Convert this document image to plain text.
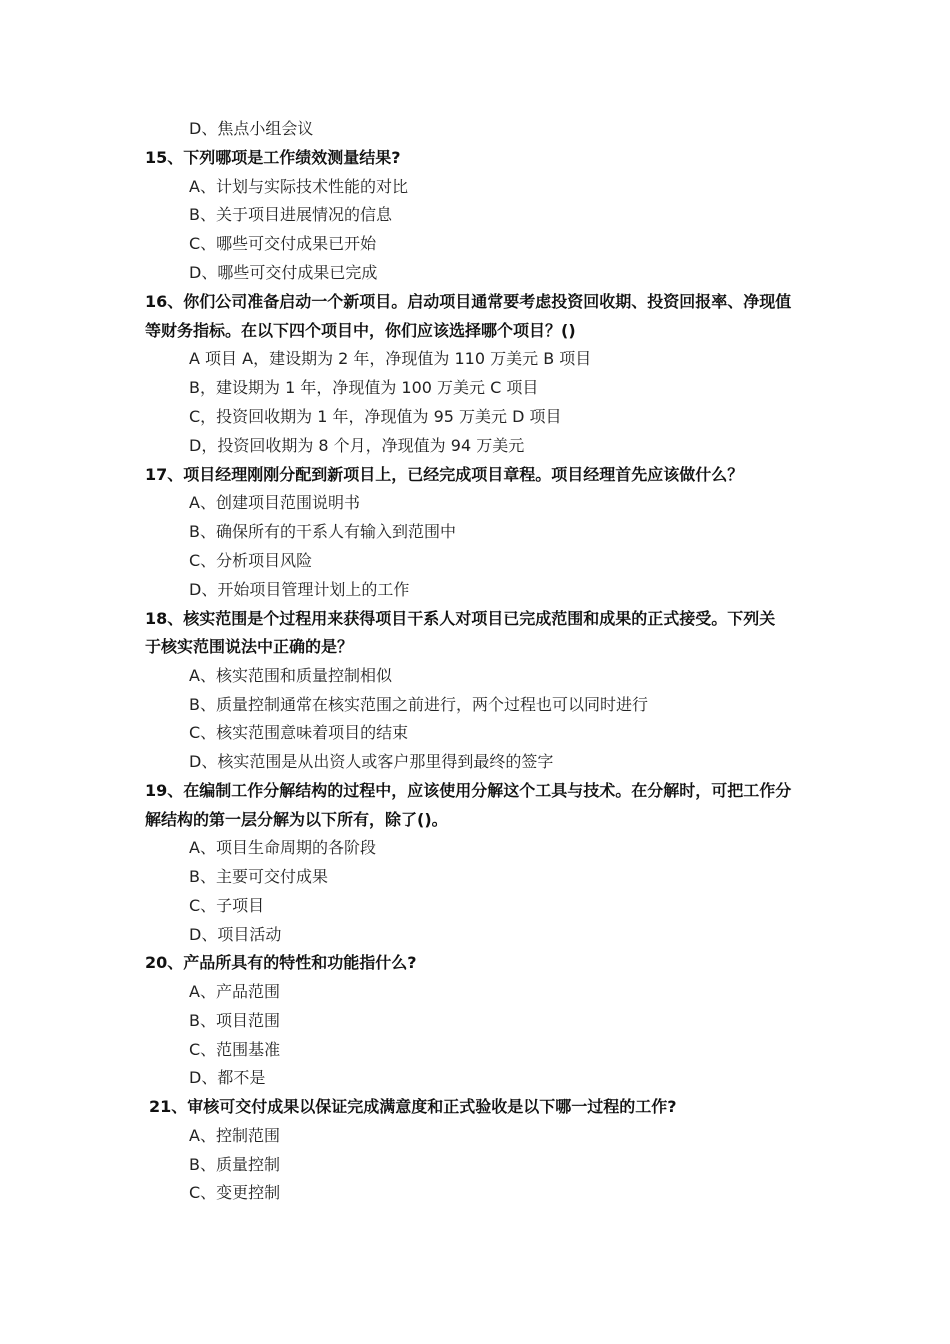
D、焦点小组会议
15、下列哪项是工作绩效测量结果?
A、计划与实际技术性能的对比
B、关于项目进展情况的信息
C、哪些可交付成果已开始
D、哪些可交付成果已完成
16、你们公司准备启动一个新项目。启动项目通常要考虑投资回收期、投资回报率、净现值
等财务指标。在以下四个项目中，你们应该选择哪个项目？()
A 项目 A，建设期为 2 年，净现值为 110 万美元 B 项目
B，建设期为 1 年，净现值为 100 万美元 C 项目
C，投资回收期为 1 年，净现值为 95 万美元 D 项目
D，投资回收期为 8 个月，净现值为 94 万美元
17、项目经理刚刚分配到新项目上，已经完成项目章程。项目经理首先应该做什么？
A、创建项目范围说明书
B、确保所有的干系人有输入到范围中
C、分析项目风险
D、开始项目管理计划上的工作
18、核实范围是个过程用来获得项目干系人对项目已完成范围和成果的正式接受。下列关
于核实范围说法中正确的是？
A、核实范围和质量控制相似
B、质量控制通常在核实范围之前进行，两个过程也可以同时进行
C、核实范围意味着项目的结束
D、核实范围是从出资人或客户那里得到最终的签字
19、在编制工作分解结构的过程中，应该使用分解这个工具与技术。在分解时，可把工作分
解结构的第一层分解为以下所有，除了()。
A、项目生命周期的各阶段
B、主要可交付成果
C、子项目
D、项目活动
20、产品所具有的特性和功能指什么?
A、产品范围
B、项目范围
C、范围基准
D、都不是
21、审核可交付成果以保证完成满意度和正式验收是以下哪一过程的工作?
A、控制范围
B、质量控制
C、变更控制
